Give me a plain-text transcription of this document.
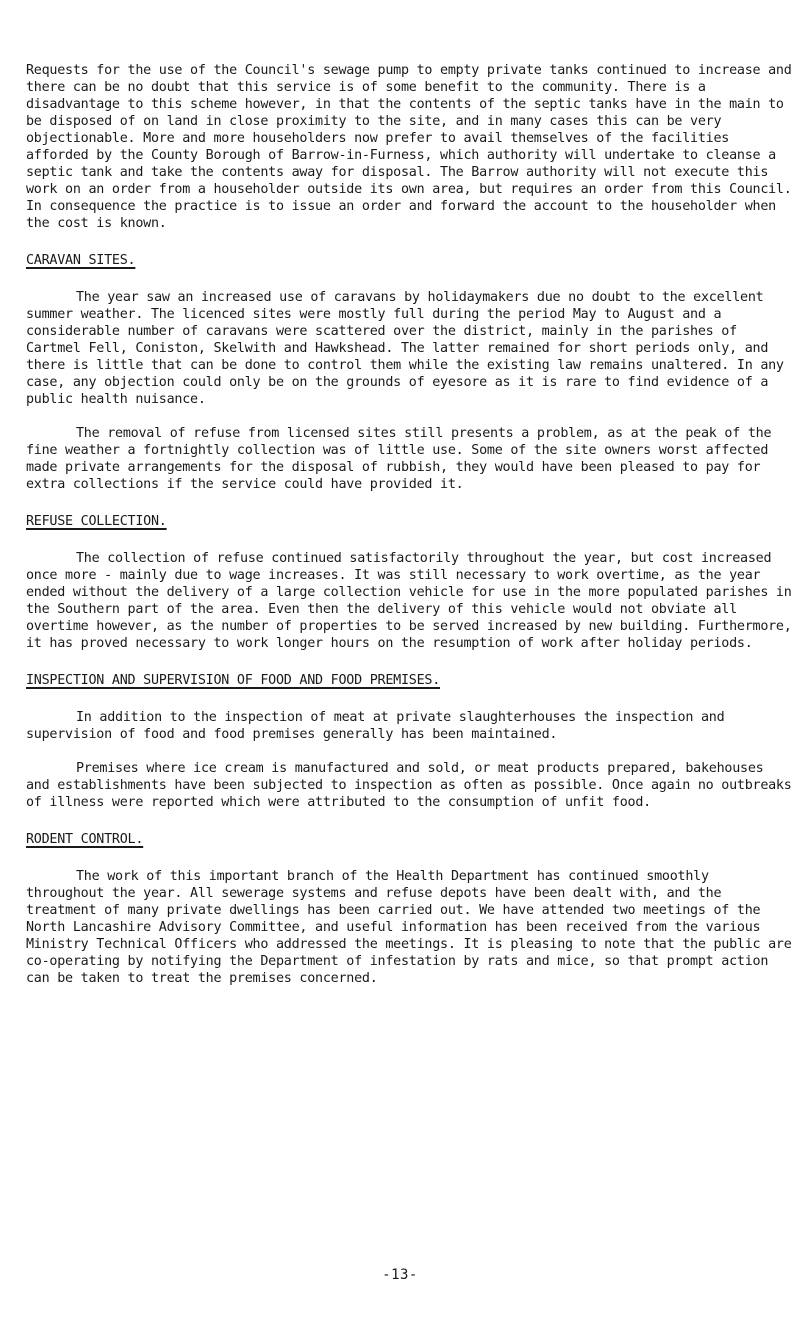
Requests for the use of the Council's sewage pump to empty private tanks continued to increase and there can be no doubt that this service is of some benefit to the community. There is a disadvantage to this scheme however, in that the contents of the septic tanks have in the main to be disposed of on land in close proximity to the site, and in many cases this can be very objectionable. More and more householders now prefer to avail themselves of the facilities afforded by the County Borough of Barrow-in-Furness, which authority will undertake to cleanse a septic tank and take the contents away for disposal. The Barrow authority will not execute this work on an order from a householder outside its own area, but requires an order from this Council. In consequence the practice is to issue an order and forward the account to the householder when the cost is known.

CARAVAN SITES.

The year saw an increased use of caravans by holidaymakers due no doubt to the excellent summer weather. The licenced sites were mostly full during the period May to August and a considerable number of caravans were scattered over the district, mainly in the parishes of Cartmel Fell, Coniston, Skelwith and Hawkshead. The latter remained for short periods only, and there is little that can be done to control them while the existing law remains unaltered. In any case, any objection could only be on the grounds of eyesore as it is rare to find evidence of a public health nuisance.

The removal of refuse from licensed sites still presents a problem, as at the peak of the fine weather a fortnightly collection was of little use. Some of the site owners worst affected made private arrangements for the disposal of rubbish, they would have been pleased to pay for extra collections if the service could have provided it.

REFUSE COLLECTION.

The collection of refuse continued satisfactorily throughout the year, but cost increased once more - mainly due to wage increases. It was still necessary to work overtime, as the year ended without the delivery of a large collection vehicle for use in the more populated parishes in the Southern part of the area. Even then the delivery of this vehicle would not obviate all overtime however, as the number of properties to be served increased by new building. Furthermore, it has proved necessary to work longer hours on the resumption of work after holiday periods.

INSPECTION AND SUPERVISION OF FOOD AND FOOD PREMISES.

In addition to the inspection of meat at private slaughterhouses the inspection and supervision of food and food premises generally has been maintained.

Premises where ice cream is manufactured and sold, or meat products prepared, bakehouses and establishments have been subjected to inspection as often as possible. Once again no outbreaks of illness were reported which were attributed to the consumption of unfit food.

RODENT CONTROL.

The work of this important branch of the Health Department has continued smoothly throughout the year. All sewerage systems and refuse depots have been dealt with, and the treatment of many private dwellings has been carried out. We have attended two meetings of the North Lancashire Advisory Committee, and useful information has been received from the various Ministry Technical Officers who addressed the meetings. It is pleasing to note that the public are co-operating by notifying the Department of infestation by rats and mice, so that prompt action can be taken to treat the premises concerned.

-13-
